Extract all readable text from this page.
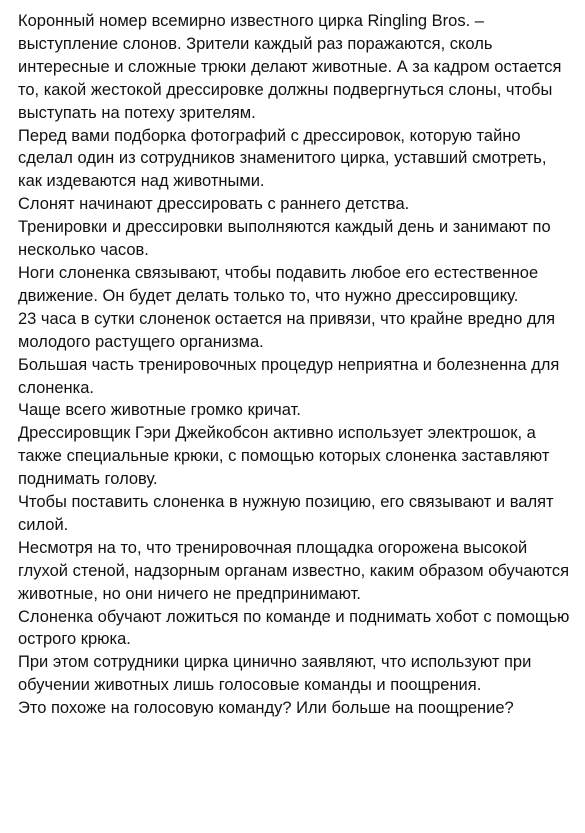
Коронный номер всемирно известного цирка Ringling Bros. – выступление слонов. Зрители каждый раз поражаются, сколь интересные и сложные трюки делают животные. А за кадром остается то, какой жестокой дрессировке должны подвергнуться слоны, чтобы выступать на потеху зрителям.

Перед вами подборка фотографий с дрессировок, которую тайно сделал один из сотрудников знаменитого цирка, уставший смотреть, как издеваются над животными.

Слонят начинают дрессировать с раннего детства.

Тренировки и дрессировки выполняются каждый день и занимают по несколько часов.

Ноги слоненка связывают, чтобы подавить любое его естественное движение. Он будет делать только то, что нужно дрессировщику.

23 часа в сутки слоненок остается на привязи, что крайне вредно для молодого растущего организма.

Большая часть тренировочных процедур неприятна и болезненна для слоненка.

Чаще всего животные громко кричат.

Дрессировщик Гэри Джейкобсон активно использует электрошок, а также специальные крюки, с помощью которых слоненка заставляют поднимать голову.

Чтобы поставить слоненка в нужную позицию, его связывают и валят силой.

Несмотря на то, что тренировочная площадка огорожена высокой глухой стеной, надзорным органам известно, каким образом обучаются животные, но они ничего не предпринимают.

Слоненка обучают ложиться по команде и поднимать хобот с помощью острого крюка.

При этом сотрудники цирка цинично заявляют, что используют при обучении животных лишь голосовые команды и поощрения.

Это похоже на голосовую команду? Или больше на поощрение?
